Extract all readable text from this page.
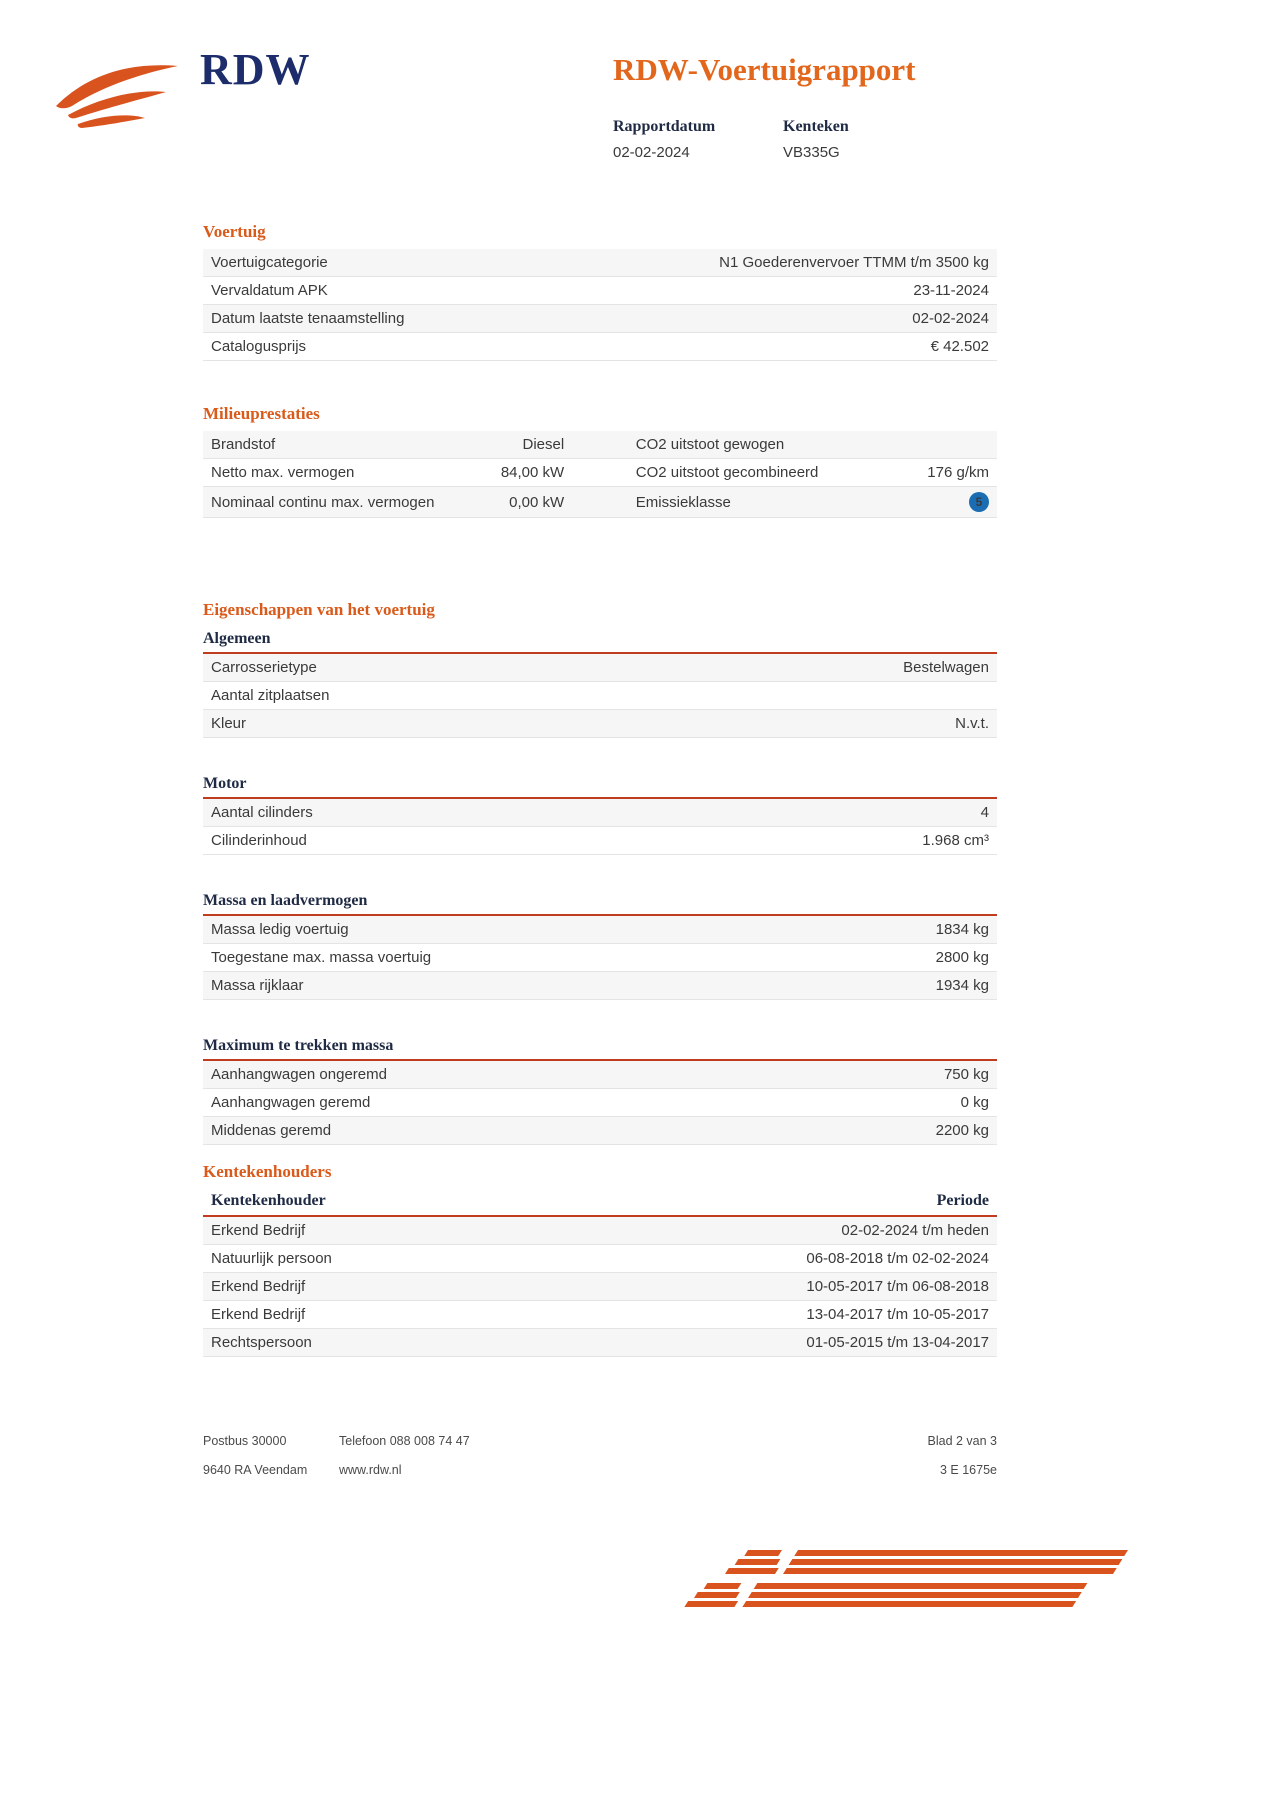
RDW	RDW-Voertuigrapport
Rapportdatum
02-02-2024
Kenteken
VB335G
Voertuig
Voertuigcategorie	N1 Goederenvervoer TTMM t/m 3500 kg
Vervaldatum APK	23-11-2024
Datum laatste tenaamstelling	02-02-2024
Catalogusprijs	€ 42.502
Milieuprestaties
Brandstof	Diesel	CO2 uitstoot gewogen
Netto max. vermogen	84,00 kW	CO2 uitstoot gecombineerd	176 g/km
Nominaal continu max. vermogen	0,00 kW	Emissieklasse	5
Eigenschappen van het voertuig
Algemeen
Carrosserietype	Bestelwagen
Aantal zitplaatsen
Kleur	N.v.t.
Motor
Aantal cilinders	4
Cilinderinhoud	1.968 cm³
Massa en laadvermogen
Massa ledig voertuig	1834 kg
Toegestane max. massa voertuig	2800 kg
Massa rijklaar	1934 kg
Maximum te trekken massa
Aanhangwagen ongeremd	750 kg
Aanhangwagen geremd	0 kg
Middenas geremd	2200 kg
Kentekenhouders
Kentekenhouder	Periode
Erkend Bedrijf	02-02-2024 t/m heden
Natuurlijk persoon	06-08-2018 t/m 02-02-2024
Erkend Bedrijf	10-05-2017 t/m 06-08-2018
Erkend Bedrijf	13-04-2017 t/m 10-05-2017
Rechtspersoon	01-05-2015 t/m 13-04-2017
Postbus 30000	Telefoon 088 008 74 47	Blad 2 van 3
9640 RA Veendam	www.rdw.nl	3 E 1675e
